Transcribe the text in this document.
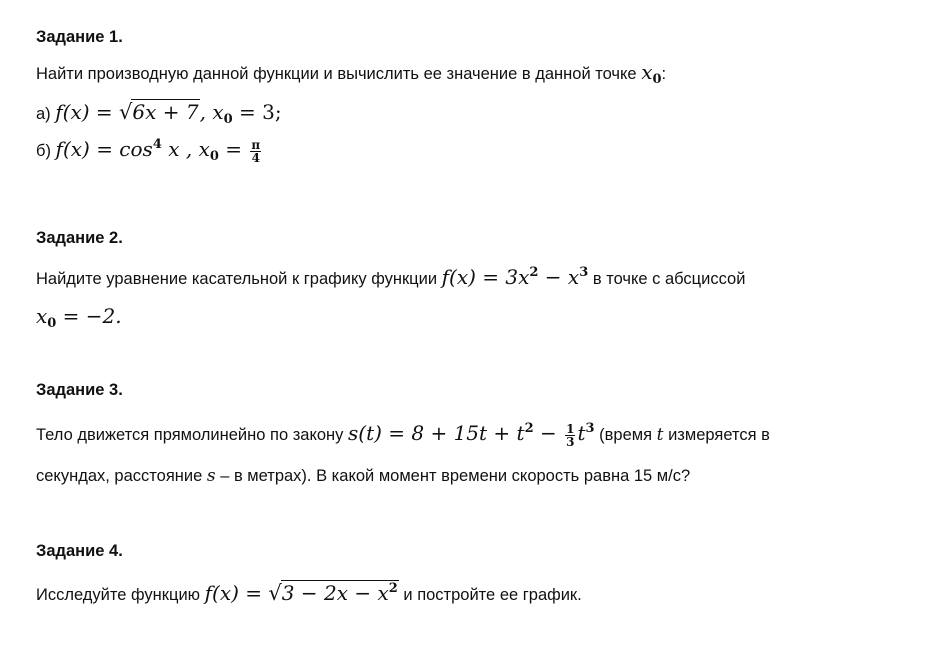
Задание 1.
Найти производную данной функции и вычислить ее значение в данной точке $x_0$:
а) f(x) = √6x + 7, $x_0 = 3$;
б) $f(x) = \cos^4 x$ , $x_0 = \frac{\pi}{4}$
Задание 2.
Найдите уравнение касательной к графику функции $f(x) = 3x^2 - x^3$ в точке с абсциссой
$x_0 = -2$.
Задание 3.
Тело движется прямолинейно по закону $s(t) = 8 + 15t + t^2 - \frac{1}{3} t^3$ (время t измеряется в
секундах, расстояние s – в метрах). В какой момент времени скорость равна 15 м/с?
Задание 4.
Исследуйте функцию $f(x) = √3 - 2x - x^2$ и постройте ее график.
